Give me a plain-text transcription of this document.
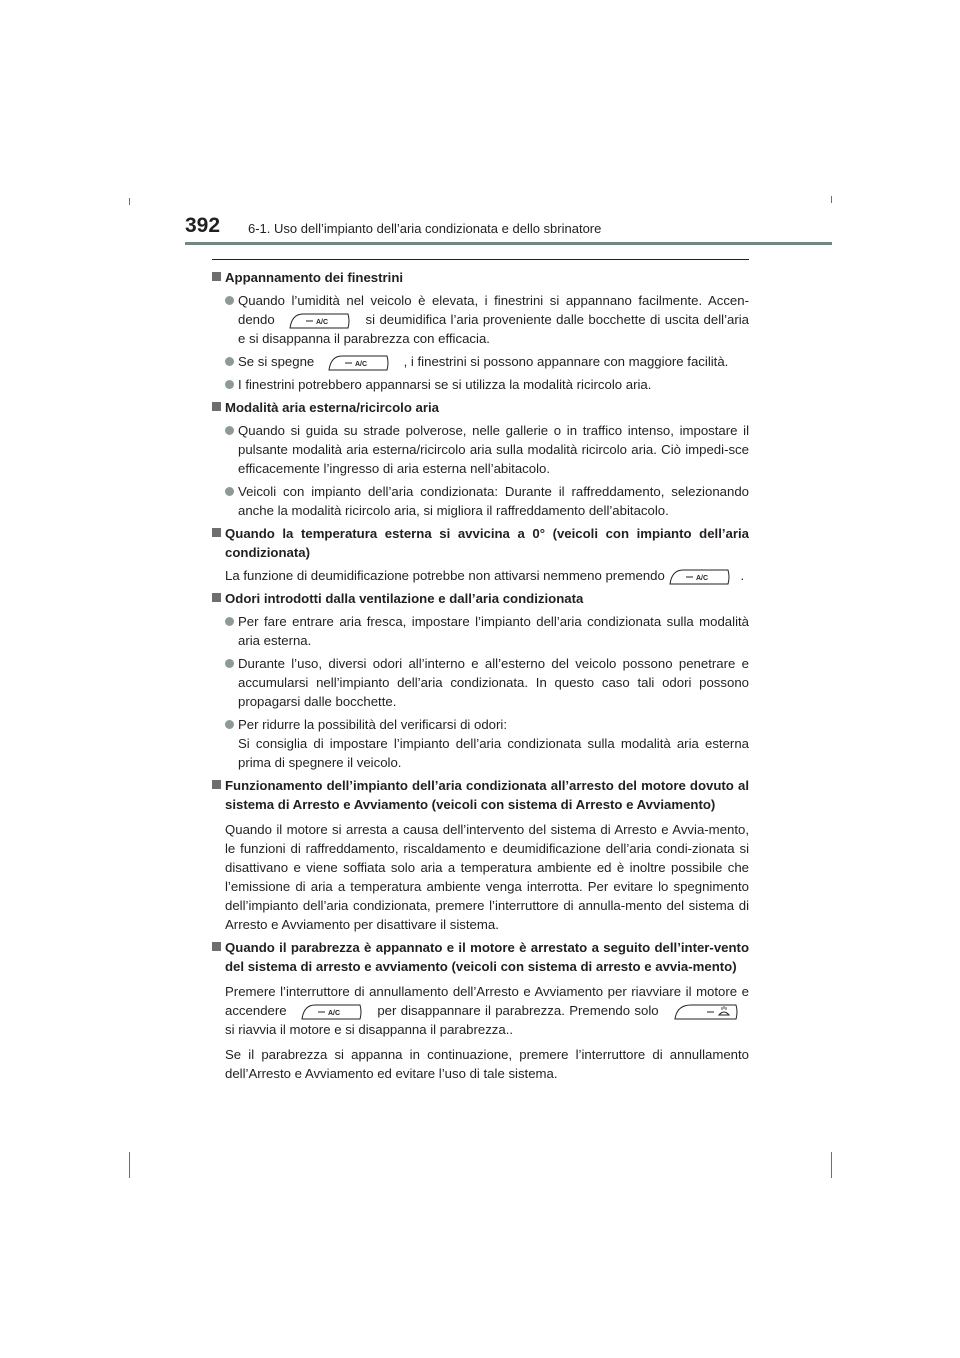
392 6-1. Uso dell’impianto dell’aria condizionata e dello sbrinatore
Appannamento dei finestrini
Quando l’umidità nel veicolo è elevata, i finestrini si appannano facilmente. Accen-dendo	A/C	si deumidifica l’aria proveniente dalle bocchette di uscita dell’aria e si disappanna il parabrezza con efficacia.
Se si spegne	A/C	, i finestrini si possono appannare con maggiore facilità.
I finestrini potrebbero appannarsi se si utilizza la modalità ricircolo aria.
Modalità aria esterna/ricircolo aria
Quando si guida su strade polverose, nelle gallerie o in traffico intenso, impostare il pulsante modalità aria esterna/ricircolo aria sulla modalità ricircolo aria. Ciò impedi-sce efficacemente l’ingresso di aria esterna nell’abitacolo.
Veicoli con impianto dell’aria condizionata: Durante il raffreddamento, selezionando anche la modalità ricircolo aria, si migliora il raffreddamento dell’abitacolo.
Quando la temperatura esterna si avvicina a 0° (veicoli con impianto dell’aria condizionata)
La funzione di deumidificazione potrebbe non attivarsi nemmeno premendo	A/C .
Odori introdotti dalla ventilazione e dall’aria condizionata
Per fare entrare aria fresca, impostare l’impianto dell’aria condizionata sulla modalità aria esterna.
Durante l’uso, diversi odori all’interno e all’esterno del veicolo possono penetrare e accumularsi nell’impianto dell’aria condizionata. In questo caso tali odori possono propagarsi dalle bocchette.
Per ridurre la possibilità del verificarsi di odori:
Si consiglia di impostare l’impianto dell’aria condizionata sulla modalità aria esterna prima di spegnere il veicolo.
Funzionamento dell’impianto dell’aria condizionata all’arresto del motore dovuto al sistema di Arresto e Avviamento (veicoli con sistema di Arresto e Avviamento)
Quando il motore si arresta a causa dell’intervento del sistema di Arresto e Avvia-mento, le funzioni di raffreddamento, riscaldamento e deumidificazione dell’aria condi-zionata si disattivano e viene soffiata solo aria a temperatura ambiente ed è inoltre possibile che l’emissione di aria a temperatura ambiente venga interrotta. Per evitare lo spegnimento dell’impianto dell’aria condizionata, premere l’interruttore di annulla-mento del sistema di Arresto e Avviamento per disattivare il sistema.
Quando il parabrezza è appannato e il motore è arrestato a seguito dell’inter-vento del sistema di arresto e avviamento (veicoli con sistema di arresto e avvia-mento)
Premere l’interruttore di annullamento dell’Arresto e Avviamento per riavviare il motore e accendere	A/C	per disappannare il parabrezza. Premendo solo
si riavvia il motore e si disappanna il parabrezza..
Se il parabrezza si appanna in continuazione, premere l’interruttore di annullamento dell’Arresto e Avviamento ed evitare l’uso di tale sistema.
